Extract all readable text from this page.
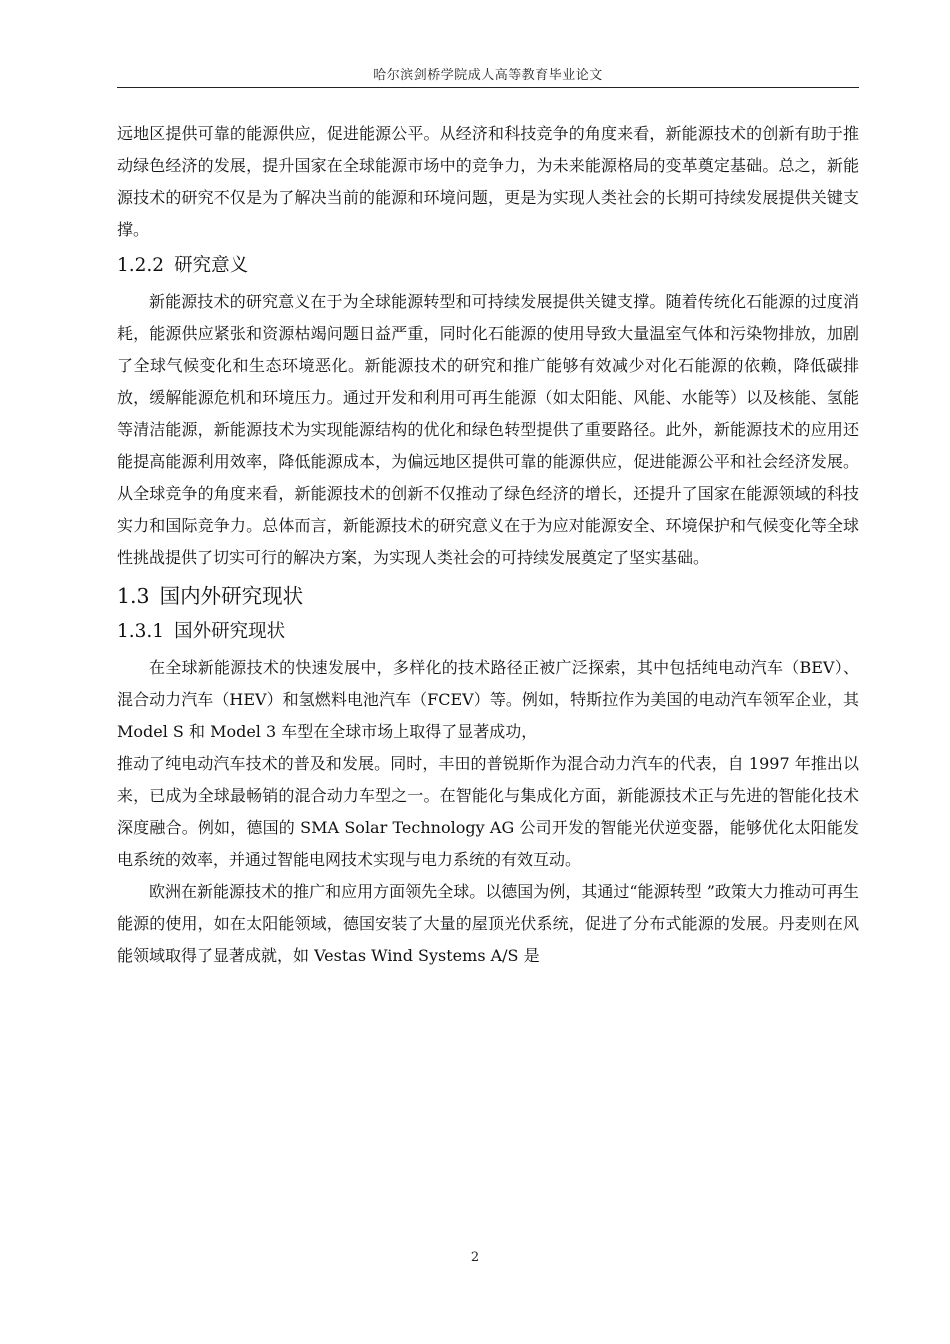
哈尔滨剑桥学院成人高等教育毕业论文

远地区提供可靠的能源供应，促进能源公平。从经济和科技竞争的角度来看，新能源技术的创新有助于推动绿色经济的发展，提升国家在全球能源市场中的竞争力，为未来能源格局的变革奠定基础。总之，新能源技术的研究不仅是为了解决当前的能源和环境问题，更是为实现人类社会的长期可持续发展提供关键支撑。

1.2.2 研究意义

新能源技术的研究意义在于为全球能源转型和可持续发展提供关键支撑。随着传统化石能源的过度消耗，能源供应紧张和资源枯竭问题日益严重，同时化石能源的使用导致大量温室气体和污染物排放，加剧了全球气候变化和生态环境恶化。新能源技术的研究和推广能够有效减少对化石能源的依赖，降低碳排放，缓解能源危机和环境压力。通过开发和利用可再生能源（如太阳能、风能、水能等）以及核能、氢能等清洁能源，新能源技术为实现能源结构的优化和绿色转型提供了重要路径。此外，新能源技术的应用还能提高能源利用效率，降低能源成本，为偏远地区提供可靠的能源供应，促进能源公平和社会经济发展。从全球竞争的角度来看，新能源技术的创新不仅推动了绿色经济的增长，还提升了国家在能源领域的科技实力和国际竞争力。总体而言，新能源技术的研究意义在于为应对能源安全、环境保护和气候变化等全球性挑战提供了切实可行的解决方案，为实现人类社会的可持续发展奠定了坚实基础。

1.3 国内外研究现状
1.3.1 国外研究现状

在全球新能源技术的快速发展中，多样化的技术路径正被广泛探索，其中包括纯电动汽车（BEV）、混合动力汽车（HEV）和氢燃料电池汽车（FCEV）等。例如，特斯拉作为美国的电动汽车领军企业，其 Model S 和 Model 3 车型在全球市场上取得了显著成功，

推动了纯电动汽车技术的普及和发展。同时，丰田的普锐斯作为混合动力汽车的代表，自 1997 年推出以来，已成为全球最畅销的混合动力车型之一。在智能化与集成化方面，新能源技术正与先进的智能化技术深度融合。例如，德国的 SMA Solar Technology AG 公司开发的智能光伏逆变器，能够优化太阳能发电系统的效率，并通过智能电网技术实现与电力系统的有效互动。

欧洲在新能源技术的推广和应用方面领先全球。以德国为例，其通过“能源转型 ”政策大力推动可再生能源的使用，如在太阳能领域，德国安装了大量的屋顶光伏系统，促进了分布式能源的发展。丹麦则在风能领域取得了显著成就，如 Vestas Wind Systems A/S 是

2
